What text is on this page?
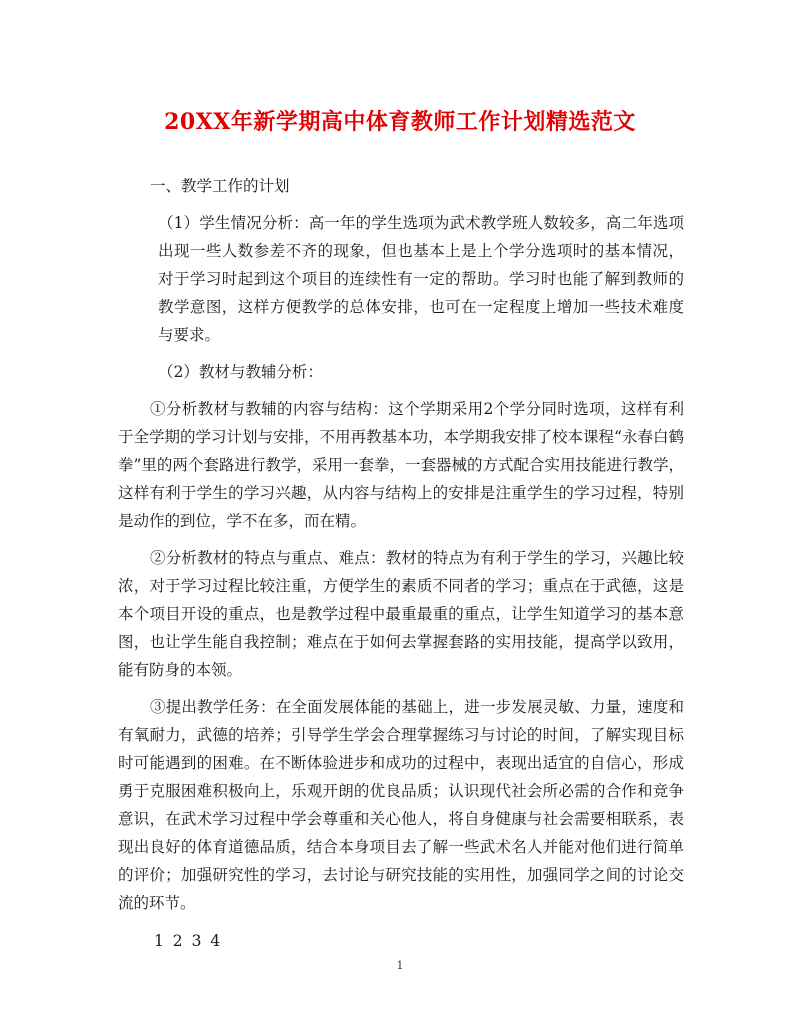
20XX年新学期高中体育教师工作计划精选范文

一、教学工作的计划

（1）学生情况分析：高一年的学生选项为武术教学班人数较多，高二年选项出现一些人数参差不齐的现象，但也基本上是上个学分选项时的基本情况，对于学习时起到这个项目的连续性有一定的帮助。学习时也能了解到教师的教学意图，这样方便教学的总体安排，也可在一定程度上增加一些技术难度与要求。

（2）教材与教辅分析：

①分析教材与教辅的内容与结构：这个学期采用2个学分同时选项，这样有利于全学期的学习计划与安排，不用再教基本功，本学期我安排了校本课程“永春白鹤拳”里的两个套路进行教学，采用一套拳，一套器械的方式配合实用技能进行教学，这样有利于学生的学习兴趣，从内容与结构上的安排是注重学生的学习过程，特别是动作的到位，学不在多，而在精。

②分析教材的特点与重点、难点：教材的特点为有利于学生的学习，兴趣比较浓，对于学习过程比较注重，方便学生的素质不同者的学习；重点在于武德，这是本个项目开设的重点，也是教学过程中最重最重的重点，让学生知道学习的基本意图，也让学生能自我控制；难点在于如何去掌握套路的实用技能，提高学以致用，能有防身的本领。

③提出教学任务：在全面发展体能的基础上，进一步发展灵敏、力量，速度和有氧耐力，武德的培养；引导学生学会合理掌握练习与讨论的时间，了解实现目标时可能遇到的困难。在不断体验进步和成功的过程中，表现出适宜的自信心，形成勇于克服困难积极向上，乐观开朗的优良品质；认识现代社会所必需的合作和竞争意识，在武术学习过程中学会尊重和关心他人，将自身健康与社会需要相联系，表现出良好的体育道德品质，结合本身项目去了解一些武术名人并能对他们进行简单的评价；加强研究性的学习，去讨论与研究技能的实用性，加强同学之间的讨论交流的环节。

1 2 3 4

1
